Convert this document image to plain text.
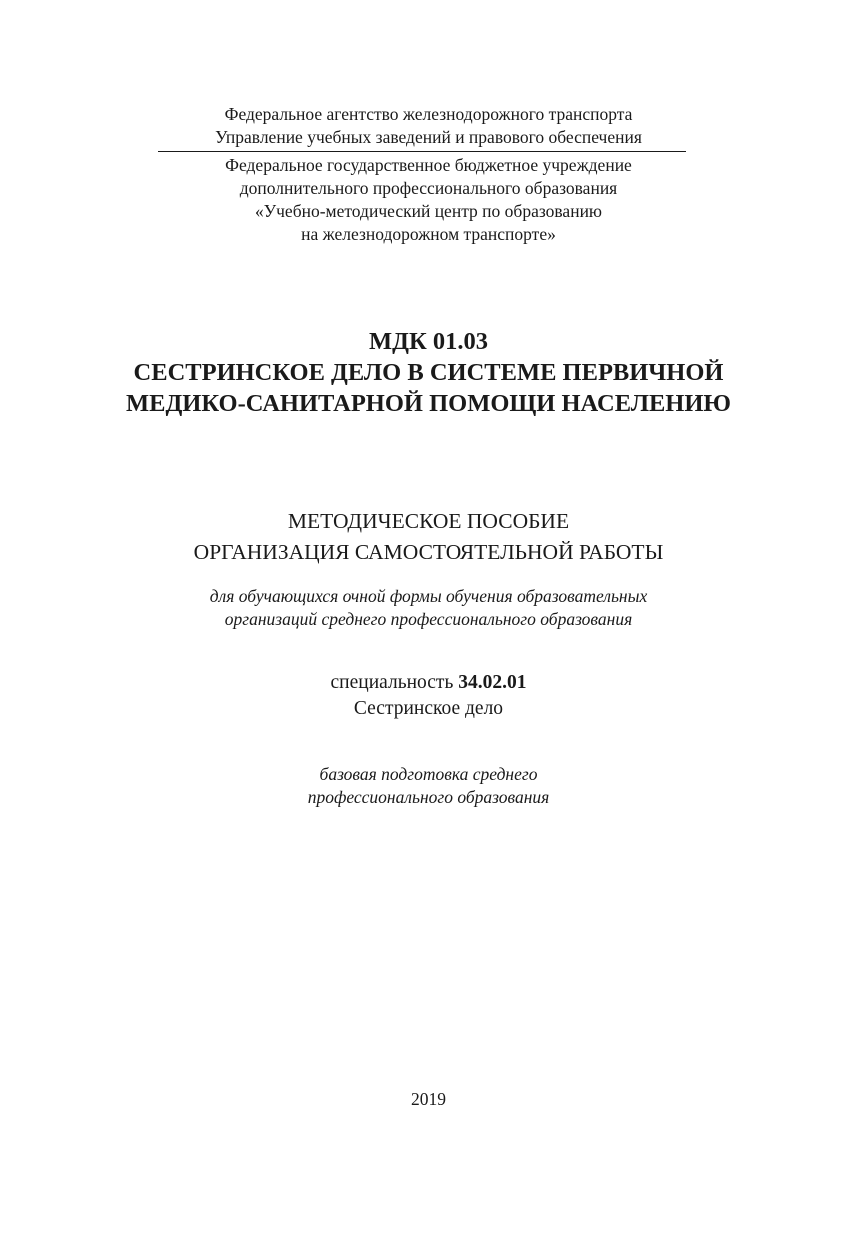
Федеральное агентство железнодорожного транспорта
Управление учебных заведений и правового обеспечения
Федеральное государственное бюджетное учреждение
дополнительного профессионального образования
«Учебно-методический центр по образованию
на железнодорожном транспорте»
МДК 01.03
СЕСТРИНСКОЕ ДЕЛО В СИСТЕМЕ ПЕРВИЧНОЙ
МЕДИКО-САНИТАРНОЙ ПОМОЩИ НАСЕЛЕНИЮ
МЕТОДИЧЕСКОЕ ПОСОБИЕ
ОРГАНИЗАЦИЯ САМОСТОЯТЕЛЬНОЙ РАБОТЫ
для обучающихся очной формы обучения образовательных
организаций среднего профессионального образования
специальность 34.02.01
Сестринское дело
базовая подготовка среднего
профессионального образования
2019
